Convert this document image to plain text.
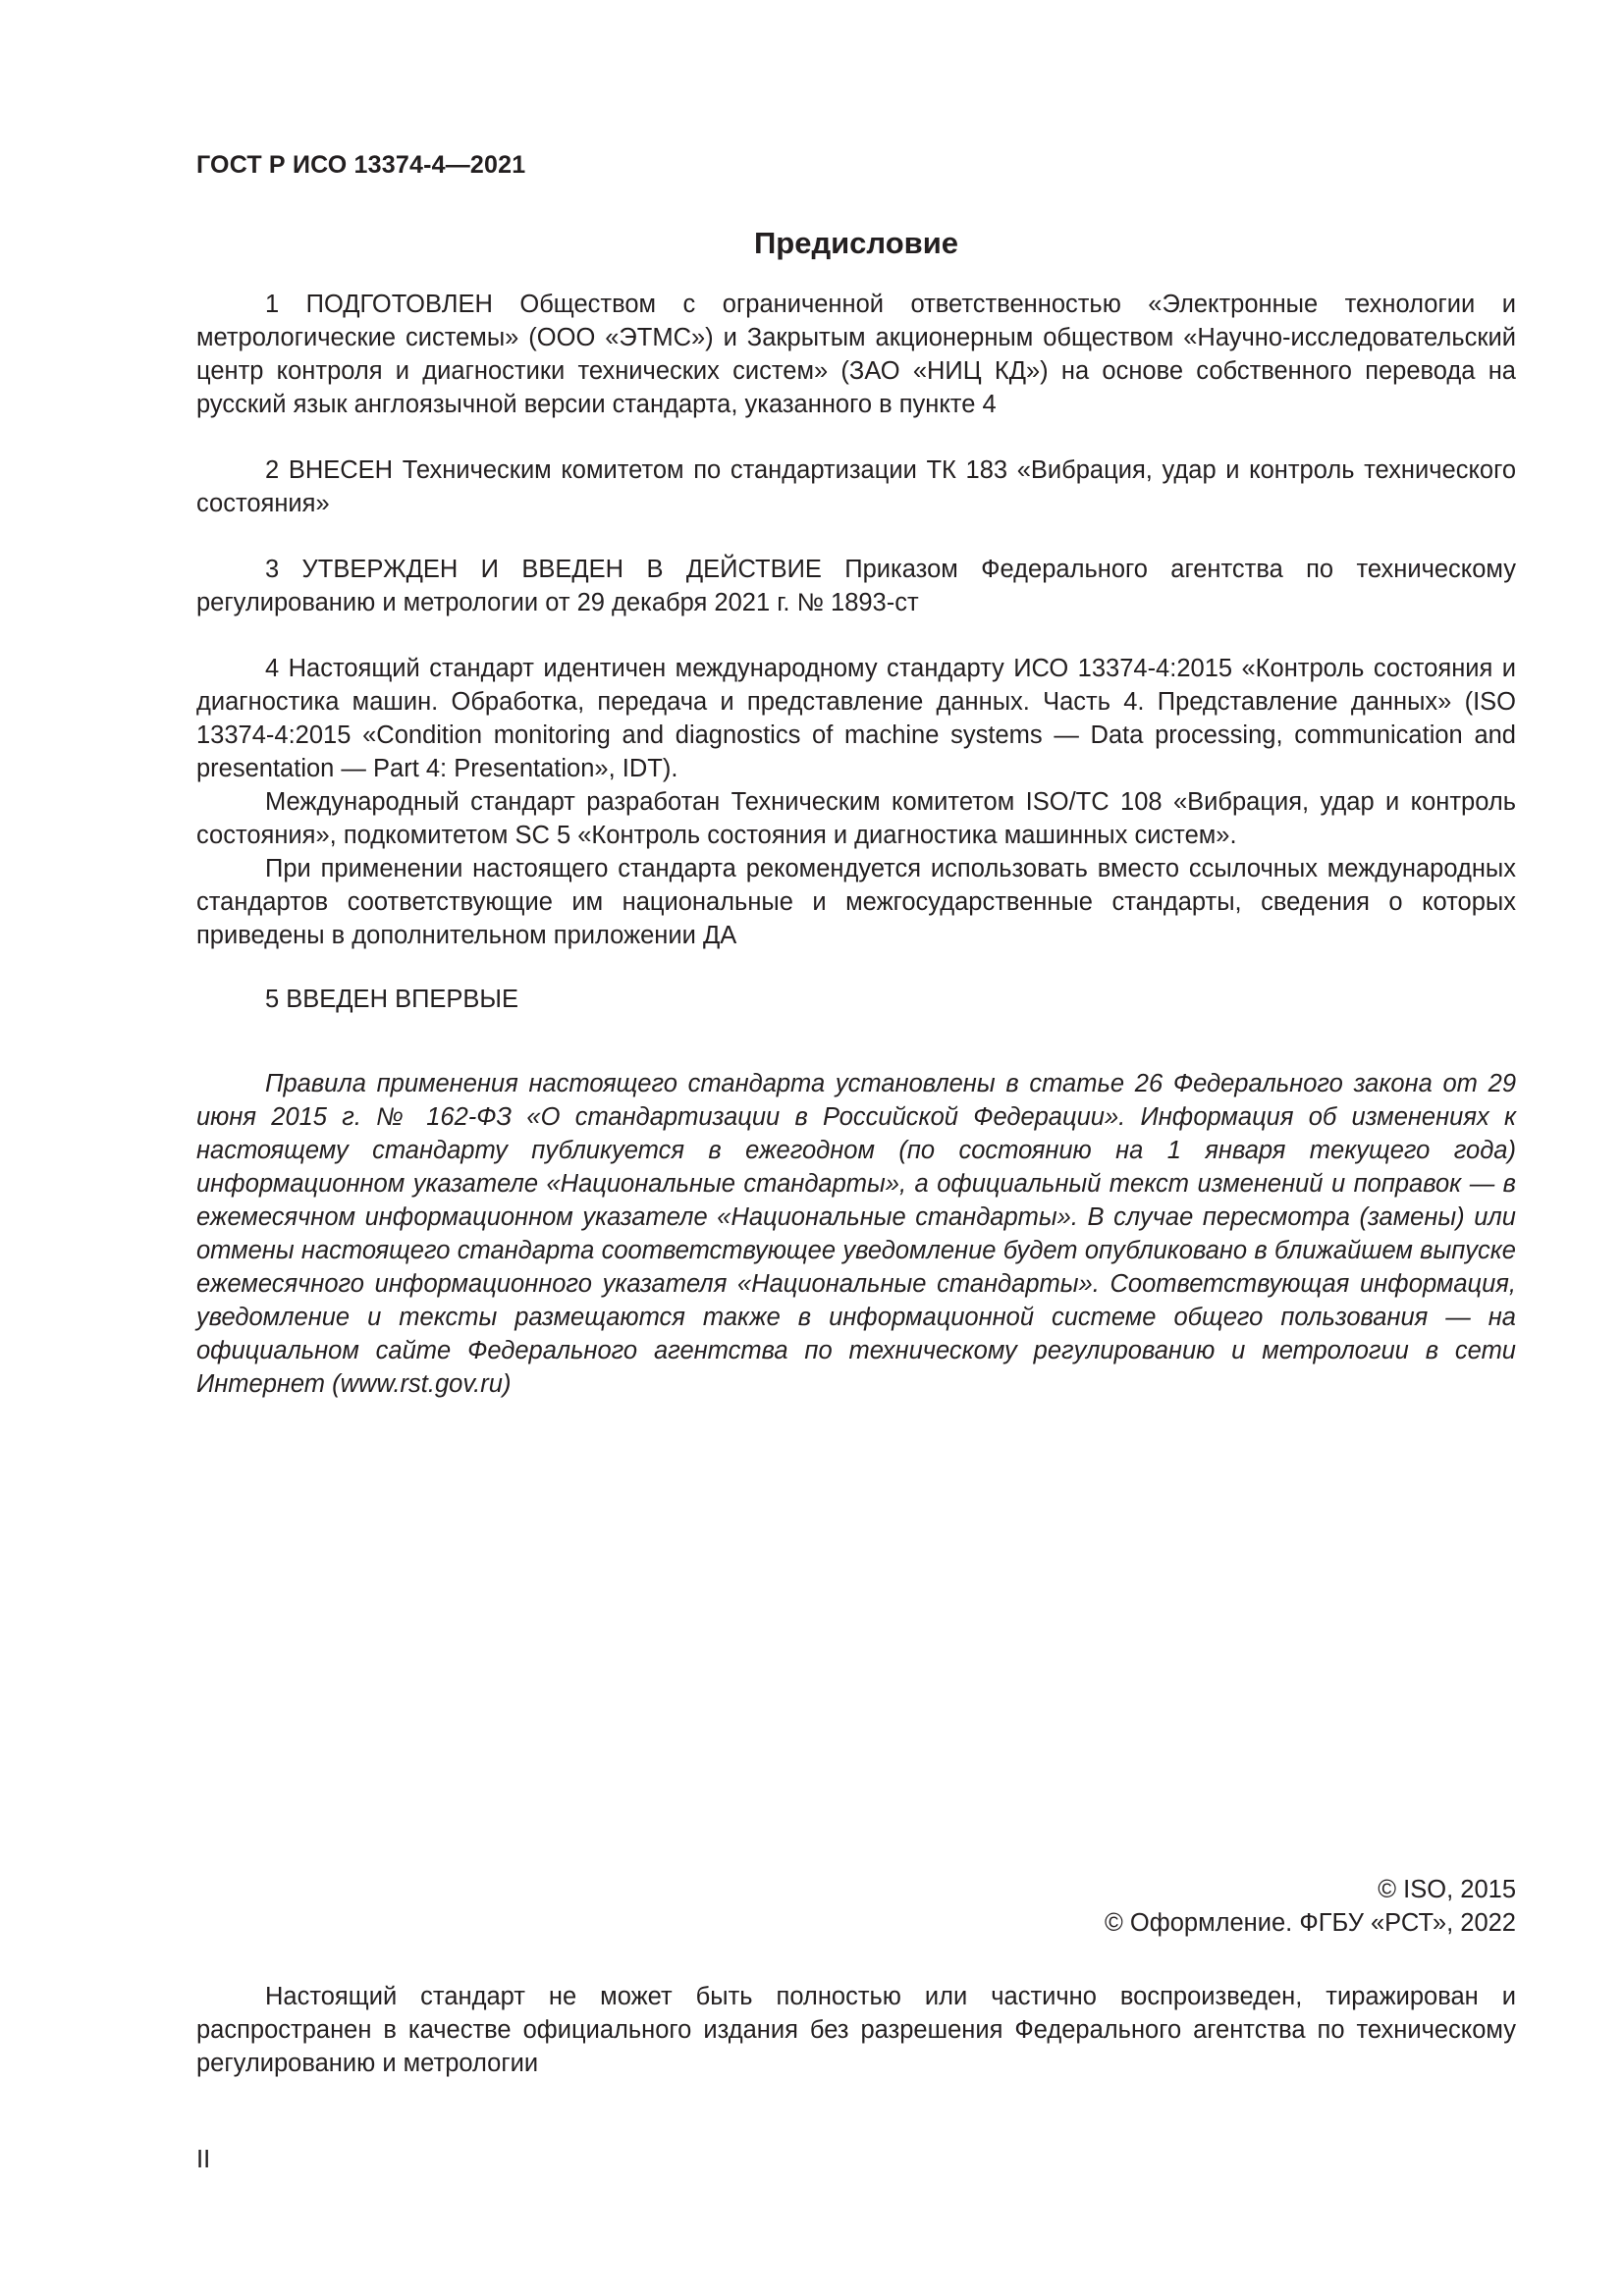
ГОСТ Р ИСО 13374-4—2021
Предисловие

1 ПОДГОТОВЛЕН Обществом с ограниченной ответственностью «Электронные технологии и метрологические системы» (ООО «ЭТМС») и Закрытым акционерным обществом «Научно-исследовательский центр контроля и диагностики технических систем» (ЗАО «НИЦ КД») на основе собственного перевода на русский язык англоязычной версии стандарта, указанного в пункте 4

2 ВНЕСЕН Техническим комитетом по стандартизации ТК 183 «Вибрация, удар и контроль технического состояния»

3 УТВЕРЖДЕН И ВВЕДЕН В ДЕЙСТВИЕ Приказом Федерального агентства по техническому регулированию и метрологии от 29 декабря 2021 г. № 1893-ст

4 Настоящий стандарт идентичен международному стандарту ИСО 13374-4:2015 «Контроль состояния и диагностика машин. Обработка, передача и представление данных. Часть 4. Представление данных» (ISO 13374-4:2015 «Condition monitoring and diagnostics of machine systems — Data processing, communication and presentation — Part 4: Presentation», IDT).

Международный стандарт разработан Техническим комитетом ISO/TC 108 «Вибрация, удар и контроль состояния», подкомитетом SC 5 «Контроль состояния и диагностика машинных систем».

При применении настоящего стандарта рекомендуется использовать вместо ссылочных международных стандартов соответствующие им национальные и межгосударственные стандарты, сведения о которых приведены в дополнительном приложении ДА

5 ВВЕДЕН ВПЕРВЫЕ

Правила применения настоящего стандарта установлены в статье 26 Федерального закона от 29 июня 2015 г. № 162-ФЗ «О стандартизации в Российской Федерации». Информация об изменениях к настоящему стандарту публикуется в ежегодном (по состоянию на 1 января текущего года) информационном указателе «Национальные стандарты», а официальный текст изменений и поправок — в ежемесячном информационном указателе «Национальные стандарты». В случае пересмотра (замены) или отмены настоящего стандарта соответствующее уведомление будет опубликовано в ближайшем выпуске ежемесячного информационного указателя «Национальные стандарты». Соответствующая информация, уведомление и тексты размещаются также в информационной системе общего пользования — на официальном сайте Федерального агентства по техническому регулированию и метрологии в сети Интернет (www.rst.gov.ru)

© ISO, 2015
© Оформление. ФГБУ «РСТ», 2022

Настоящий стандарт не может быть полностью или частично воспроизведен, тиражирован и распространен в качестве официального издания без разрешения Федерального агентства по техническому регулированию и метрологии

II
